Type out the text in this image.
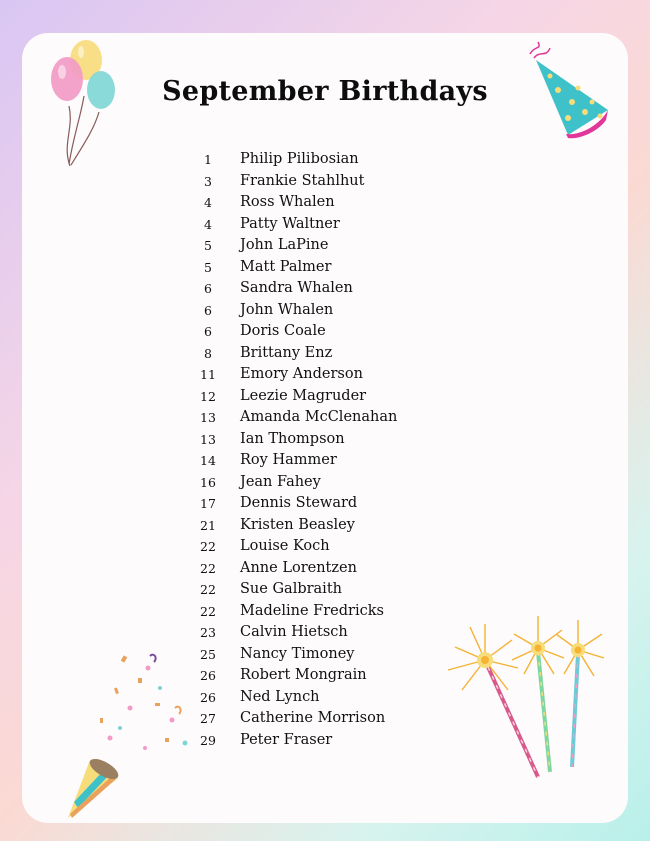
September Birthdays
1	Philip Pilibosian
3	Frankie Stahlhut
4	Ross Whalen
4	Patty Waltner
5	John LaPine
5	Matt Palmer
6	Sandra Whalen
6	John Whalen
6	Doris Coale
8	Brittany Enz
11	Emory Anderson
12	Leezie Magruder
13	Amanda McClenahan
13	Ian Thompson
14	Roy Hammer
16	Jean Fahey
17	Dennis Steward
21	Kristen Beasley
22	Louise Koch
22	Anne Lorentzen
22	Sue Galbraith
22	Madeline Fredricks
23	Calvin Hietsch
25	Nancy Timoney
26	Robert Mongrain
26	Ned Lynch
27	Catherine Morrison
29	Peter Fraser
